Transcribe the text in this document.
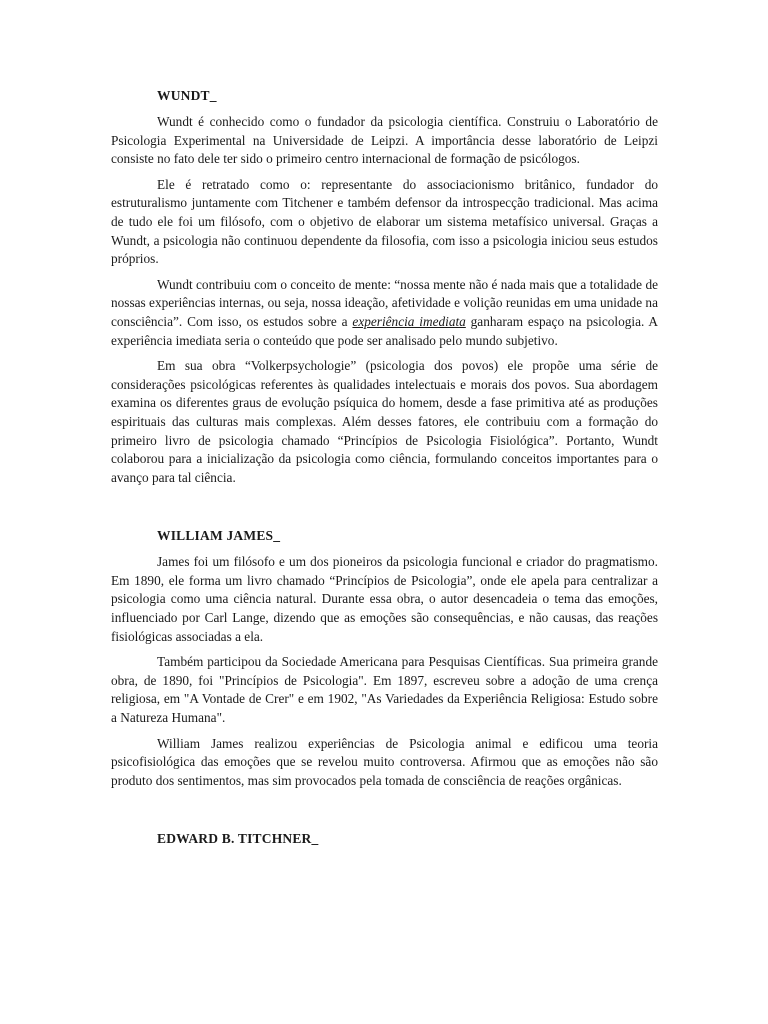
WUNDT_

Wundt é conhecido como o fundador da psicologia científica. Construiu o Laboratório de Psicologia Experimental na Universidade de Leipzi. A importância desse laboratório de Leipzi consiste no fato dele ter sido o primeiro centro internacional de formação de psicólogos.

Ele é retratado como o: representante do associacionismo britânico, fundador do estruturalismo juntamente com Titchener e também defensor da introspecção tradicional. Mas acima de tudo ele foi um filósofo, com o objetivo de elaborar um sistema metafísico universal. Graças a Wundt, a psicologia não continuou dependente da filosofia, com isso a psicologia iniciou seus estudos próprios.

Wundt contribuiu com o conceito de mente: “nossa mente não é nada mais que a totalidade de nossas experiências internas, ou seja, nossa ideação, afetividade e volição reunidas em uma unidade na consciência”. Com isso, os estudos sobre a experiência imediata ganharam espaço na psicologia. A experiência imediata seria o conteúdo que pode ser analisado pelo mundo subjetivo.

Em sua obra “Volkerpsychologie” (psicologia dos povos) ele propõe uma série de considerações psicológicas referentes às qualidades intelectuais e morais dos povos. Sua abordagem examina os diferentes graus de evolução psíquica do homem, desde a fase primitiva até as produções espirituais das culturas mais complexas. Além desses fatores, ele contribuiu com a formação do primeiro livro de psicologia chamado “Princípios de Psicologia Fisiológica”. Portanto, Wundt colaborou para a inicialização da psicologia como ciência, formulando conceitos importantes para o avanço para tal ciência.

WILLIAM JAMES_

James foi um filósofo e um dos pioneiros da psicologia funcional e criador do pragmatismo. Em 1890, ele forma um livro chamado “Princípios de Psicologia”, onde ele apela para centralizar a psicologia como uma ciência natural. Durante essa obra, o autor desencadeia o tema das emoções, influenciado por Carl Lange, dizendo que as emoções são consequências, e não causas, das reações fisiológicas associadas a ela.

Também participou da Sociedade Americana para Pesquisas Científicas. Sua primeira grande obra, de 1890, foi "Princípios de Psicologia". Em 1897, escreveu sobre a adoção de uma crença religiosa, em "A Vontade de Crer" e em 1902, "As Variedades da Experiência Religiosa: Estudo sobre a Natureza Humana".

William James realizou experiências de Psicologia animal e edificou uma teoria psicofisiológica das emoções que se revelou muito controversa. Afirmou que as emoções não são produto dos sentimentos, mas sim provocados pela tomada de consciência de reações orgânicas.

EDWARD B. TITCHNER_
